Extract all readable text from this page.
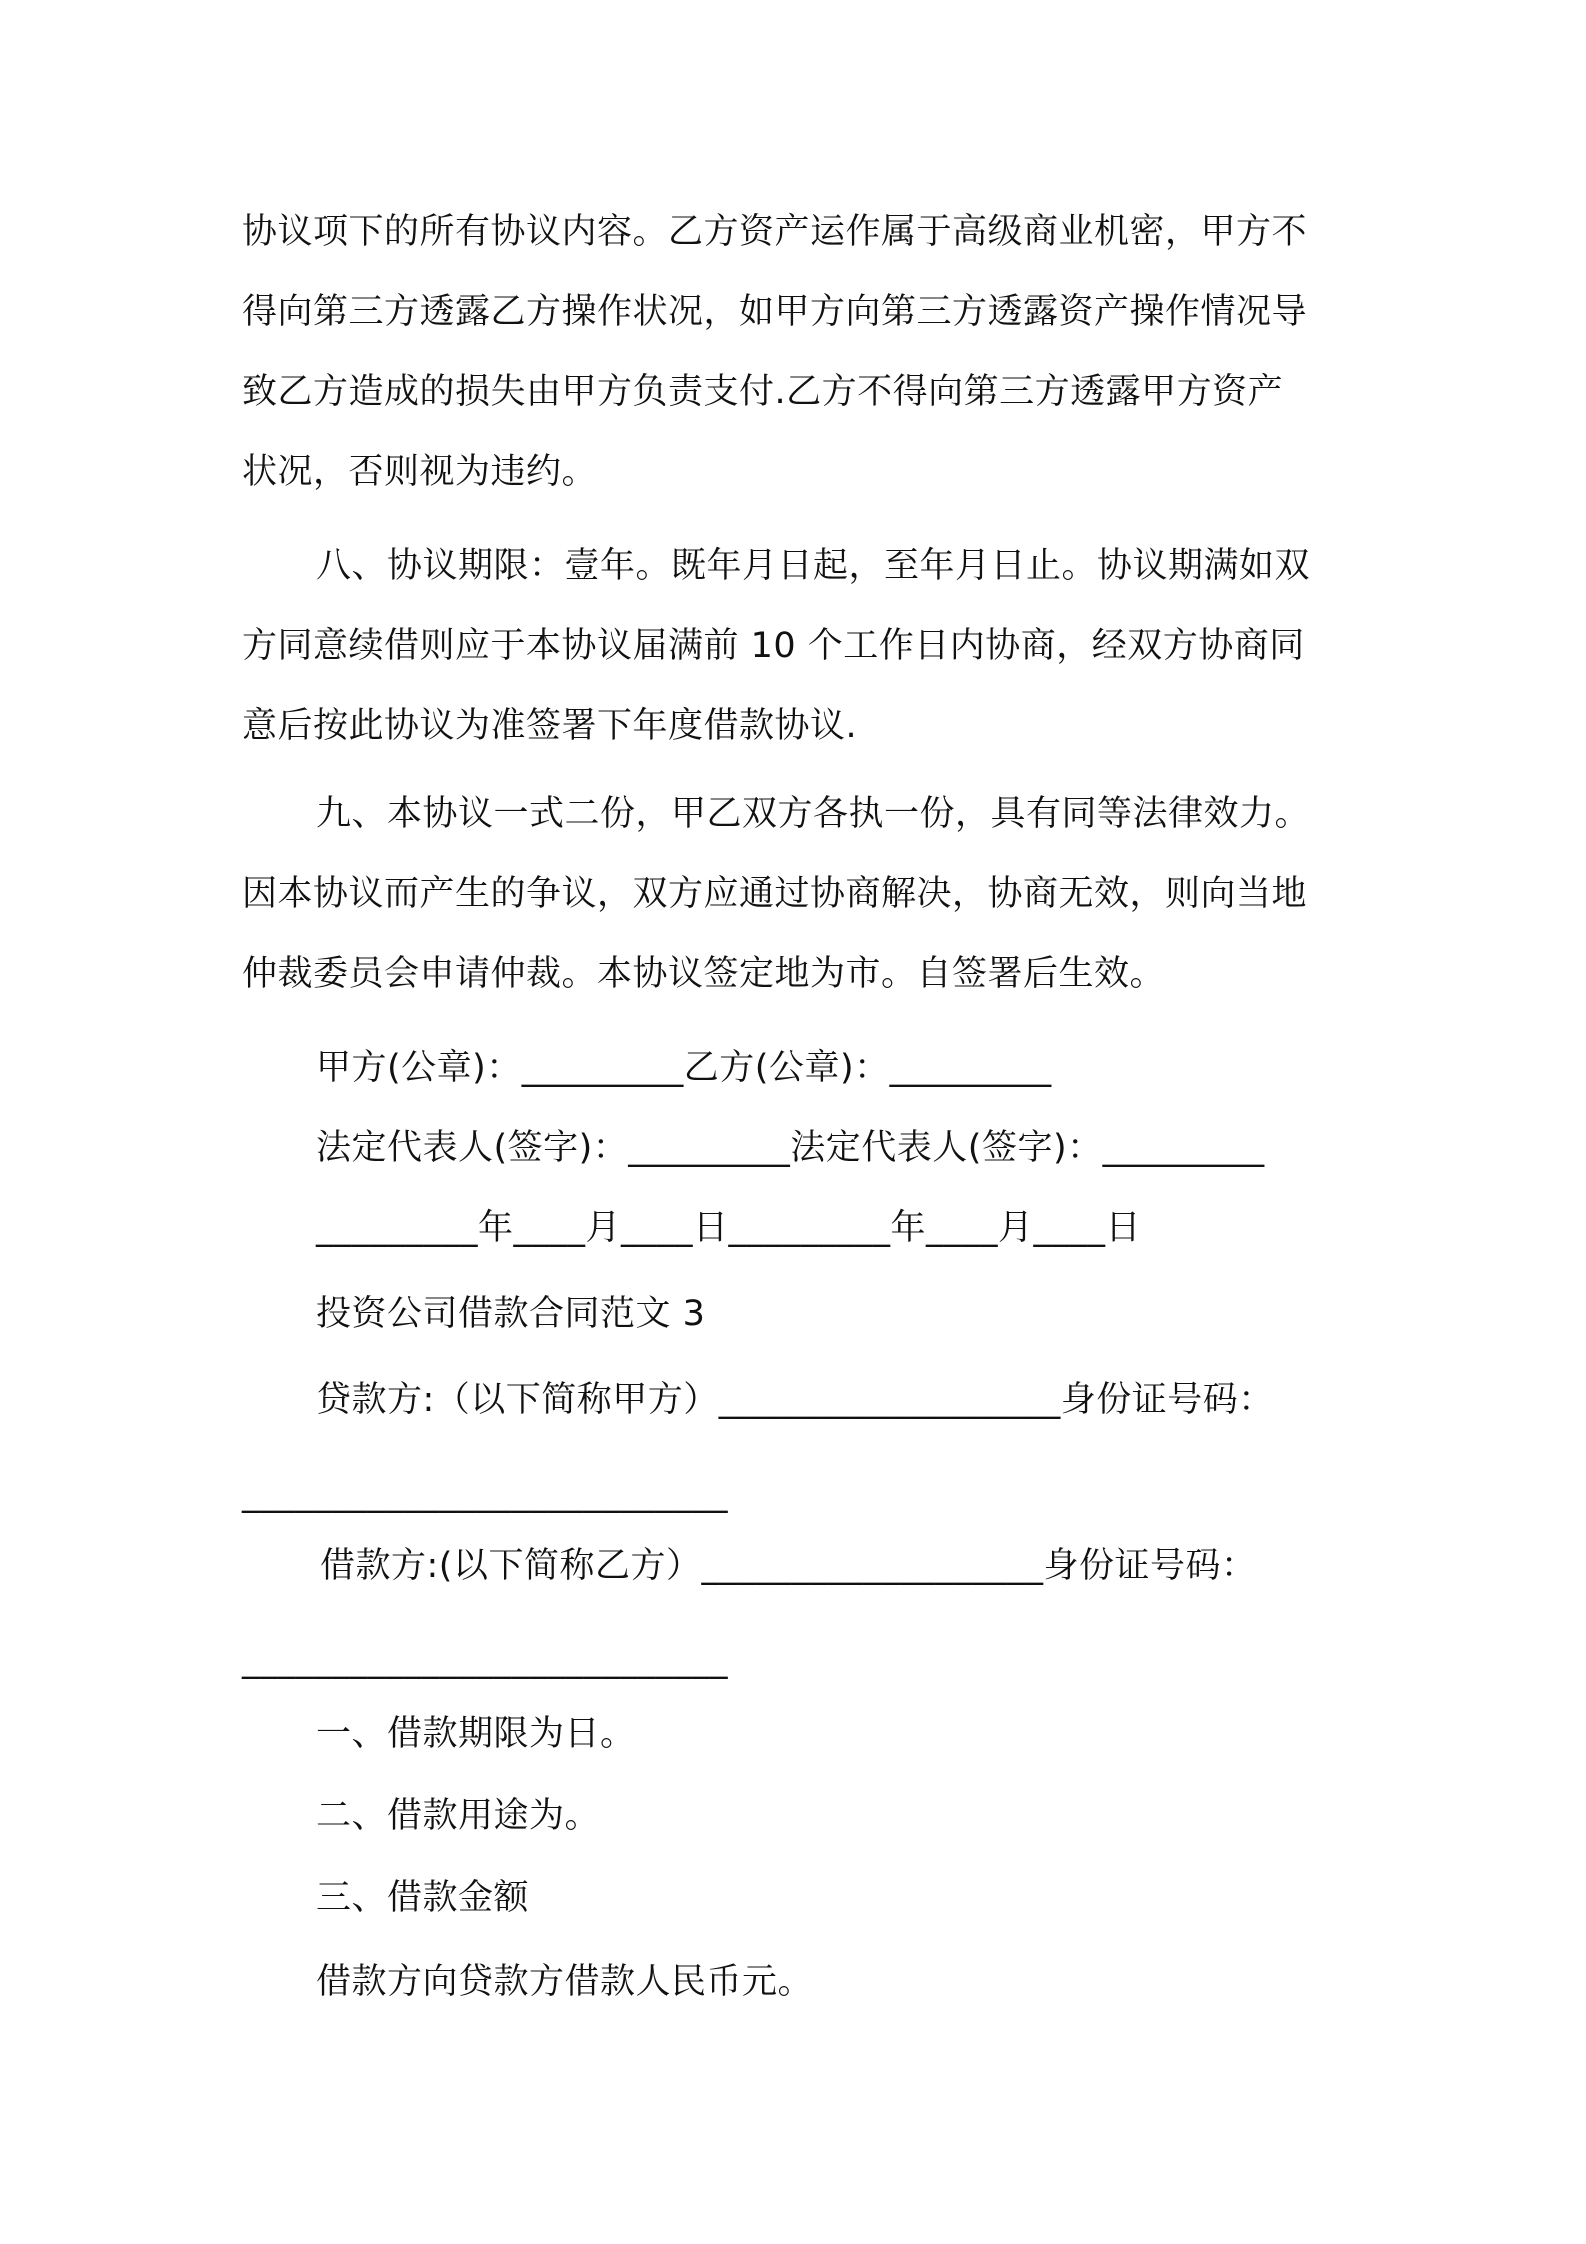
协议项下的所有协议内容。乙方资产运作属于高级商业机密，甲方不
得向第三方透露乙方操作状况，如甲方向第三方透露资产操作情况导
致乙方造成的损失由甲方负责支付.乙方不得向第三方透露甲方资产
状况，否则视为违约。
八、协议期限：壹年。既年月日起，至年月日止。协议期满如双
方同意续借则应于本协议届满前 10 个工作日内协商，经双方协商同
意后按此协议为准签署下年度借款协议.
九、本协议一式二份，甲乙双方各执一份，具有同等法律效力。
因本协议而产生的争议，双方应通过协商解决，协商无效，则向当地
仲裁委员会申请仲裁。本协议签定地为市。自签署后生效。
甲方(公章)：_________乙方(公章)：_________
法定代表人(签字)：_________法定代表人(签字)：_________
_________年____月____日_________年____月____日
投资公司借款合同范文 3
贷款方:（以下简称甲方）___________________身份证号码：
___________________________
借款方:(以下简称乙方）___________________身份证号码：
___________________________
一、借款期限为日。
二、借款用途为。
三、借款金额
借款方向贷款方借款人民币元。
